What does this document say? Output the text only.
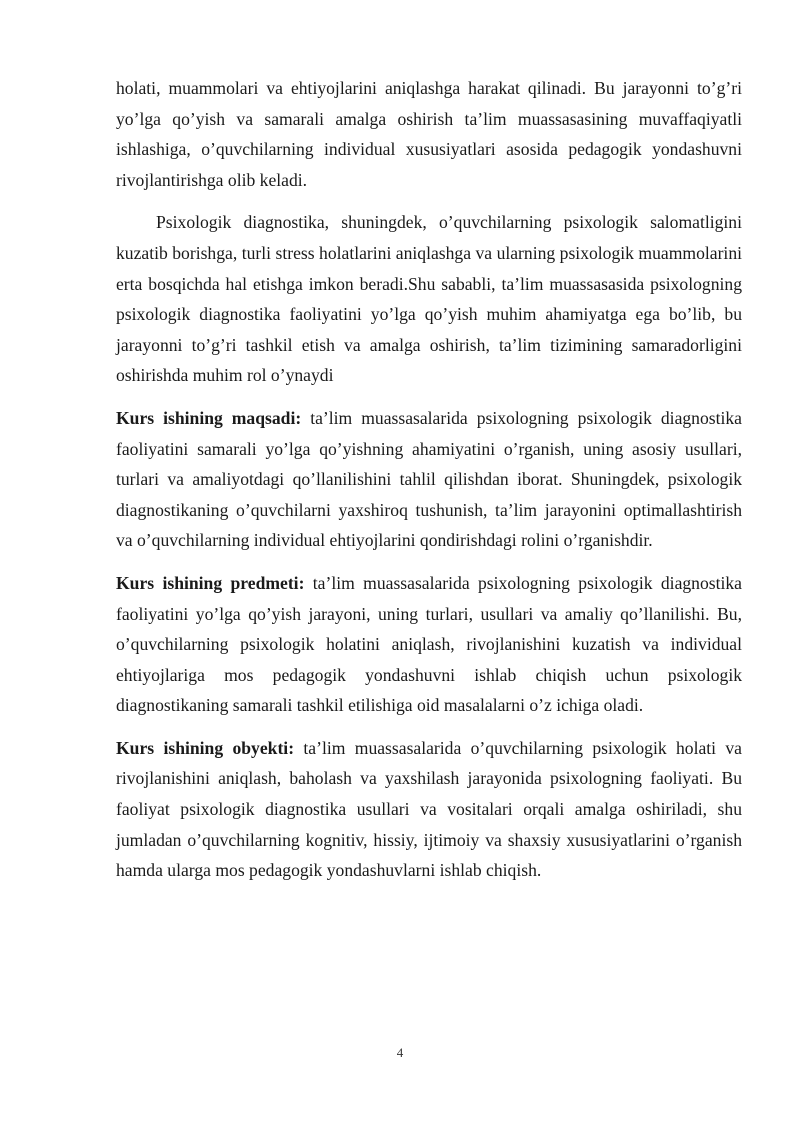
holati, muammolari va ehtiyojlarini aniqlashga harakat qilinadi. Bu jarayonni to’g’ri yo’lga qo’yish va samarali amalga oshirish ta’lim muassasasining muvaffaqiyatli ishlashiga, o’quvchilarning individual xususiyatlari asosida pedagogik yondashuvni rivojlantirishga olib keladi.

Psixologik diagnostika, shuningdek, o’quvchilarning psixologik salomatligini kuzatib borishga, turli stress holatlarini aniqlashga va ularning psixologik muammolarini erta bosqichda hal etishga imkon beradi.Shu sababli, ta’lim muassasasida psixologning psixologik diagnostika faoliyatini yo’lga qo’yish muhim ahamiyatga ega bo’lib, bu jarayonni to’g’ri tashkil etish va amalga oshirish, ta’lim tizimining samaradorligini oshirishda muhim rol o’ynaydi

Kurs ishining maqsadi: ta’lim muassasalarida psixologning psixologik diagnostika faoliyatini samarali yo’lga qo’yishning ahamiyatini o’rganish, uning asosiy usullari, turlari va amaliyotdagi qo’llanilishini tahlil qilishdan iborat. Shuningdek, psixologik diagnostikaning o’quvchilarni yaxshiroq tushunish, ta’lim jarayonini optimallashtirish va o’quvchilarning individual ehtiyojlarini qondirishdagi rolini o’rganishdir.

Kurs ishining predmeti: ta’lim muassasalarida psixologning psixologik diagnostika faoliyatini yo’lga qo’yish jarayoni, uning turlari, usullari va amaliy qo’llanilishi. Bu, o’quvchilarning psixologik holatini aniqlash, rivojlanishini kuzatish va individual ehtiyojlariga mos pedagogik yondashuvni ishlab chiqish uchun psixologik diagnostikaning samarali tashkil etilishiga oid masalalarni o’z ichiga oladi.

Kurs ishining obyekti: ta’lim muassasalarida o’quvchilarning psixologik holati va rivojlanishini aniqlash, baholash va yaxshilash jarayonida psixologning faoliyati. Bu faoliyat psixologik diagnostika usullari va vositalari orqali amalga oshiriladi, shu jumladan o’quvchilarning kognitiv, hissiy, ijtimoiy va shaxsiy xususiyatlarini o’rganish hamda ularga mos pedagogik yondashuvlarni ishlab chiqish.

4
